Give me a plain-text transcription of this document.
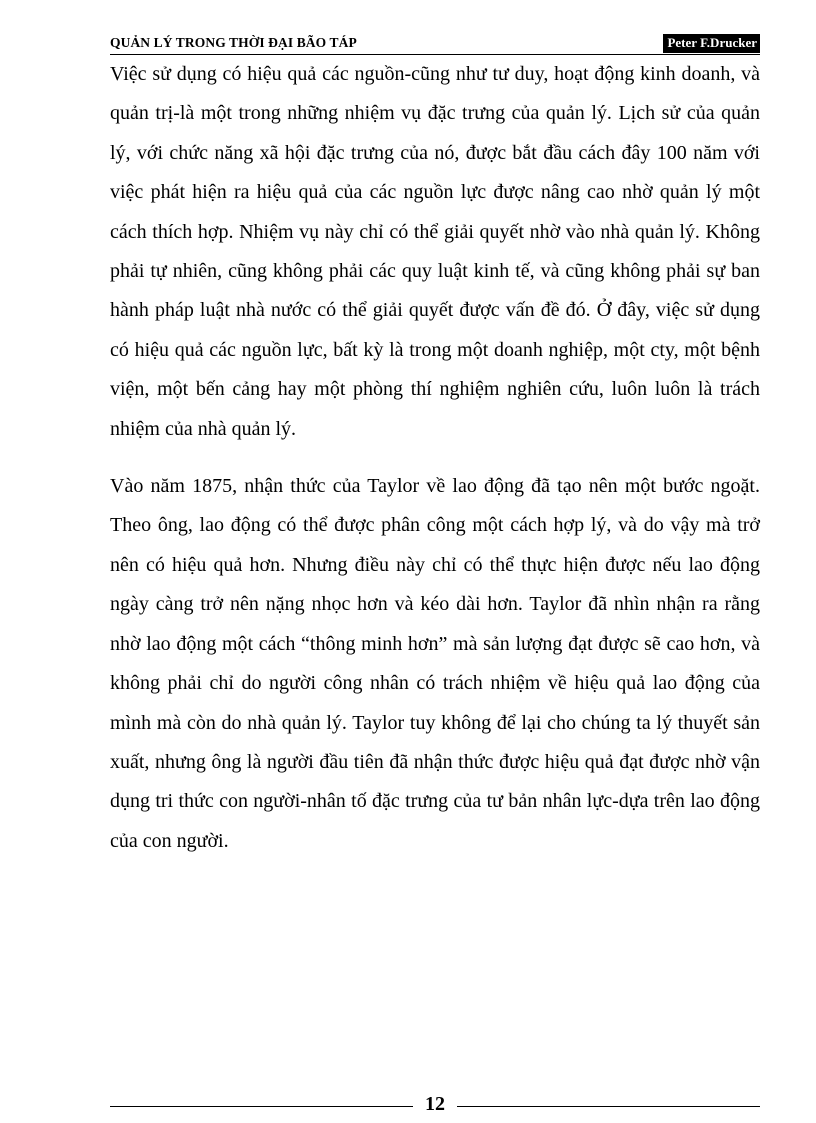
QUẢN LÝ TRONG THỜI ĐẠI BÃO TÁP	Peter F.Drucker

Việc sử dụng có hiệu quả các nguồn-cũng như tư duy, hoạt động kinh doanh, và quản trị-là một trong những nhiệm vụ đặc trưng của quản lý. Lịch sử của quản lý, với chức năng xã hội đặc trưng của nó, được bắt đầu cách đây 100 năm với việc phát hiện ra hiệu quả của các nguồn lực được nâng cao nhờ quản lý một cách thích hợp. Nhiệm vụ này chỉ có thể giải quyết nhờ vào nhà quản lý. Không phải tự nhiên, cũng không phải các quy luật kinh tế, và cũng không phải sự ban hành pháp luật nhà nước có thể giải quyết được vấn đề đó. Ở đây, việc sử dụng có hiệu quả các nguồn lực, bất kỳ là trong một doanh nghiệp, một cty, một bệnh viện, một bến cảng hay một phòng thí nghiệm nghiên cứu, luôn luôn là trách nhiệm của nhà quản lý.

Vào năm 1875, nhận thức của Taylor về lao động đã tạo nên một bước ngoặt. Theo ông, lao động có thể được phân công một cách hợp lý, và do vậy mà trở nên có hiệu quả hơn. Nhưng điều này chỉ có thể thực hiện được nếu lao động ngày càng trở nên nặng nhọc hơn và kéo dài hơn. Taylor đã nhìn nhận ra rằng nhờ lao động một cách “thông minh hơn” mà sản lượng đạt được sẽ cao hơn, và không phải chỉ do người công nhân có trách nhiệm về hiệu quả lao động của mình mà còn do nhà quản lý. Taylor tuy không để lại cho chúng ta lý thuyết sản xuất, nhưng ông là người đầu tiên đã nhận thức được hiệu quả đạt được nhờ vận dụng tri thức con người-nhân tố đặc trưng của tư bản nhân lực-dựa trên lao động của con người.

12
